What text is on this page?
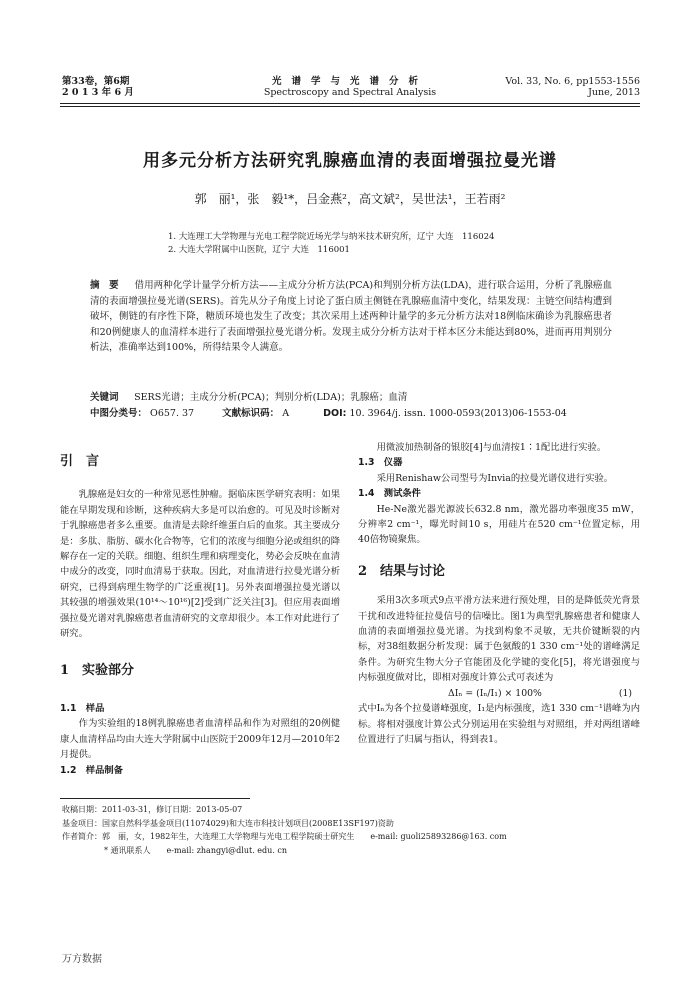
第33卷，第6期
2 0 1 3 年 6 月
光谱学与光谱分析
Spectroscopy and Spectral Analysis
Vol. 33, No. 6, pp1553-1556
June, 2013
用多元分析方法研究乳腺癌血清的表面增强拉曼光谱
郭　丽¹，张　毅¹*，吕金燕²，高文斌²，吴世法¹，王若雨²
1. 大连理工大学物理与光电工程学院近场光学与纳米技术研究所，辽宁 大连　116024
2. 大连大学附属中山医院，辽宁 大连　116001
摘　要 　 借用两种化学计量学分析方法——主成分分析方法(PCA)和判别分析方法(LDA)，进行联合运用，分析了乳腺癌血清的表面增强拉曼光谱(SERS)。首先从分子角度上讨论了蛋白质主侧链在乳腺癌血清中变化，结果发现：主链空间结构遭到破坏，侧链的有序性下降，糖质环境也发生了改变；其次采用上述两种计量学的多元分析方法对18例临床确诊为乳腺癌患者和20例健康人的血清样本进行了表面增强拉曼光谱分析。发现主成分分析方法对于样本区分未能达到80%，进而再用判别分析法，准确率达到100%，所得结果令人满意。
关键词 　 SERS光谱；主成分分析(PCA)；判别分析(LDA)；乳腺癌；血清
中图分类号： O657. 37	文献标识码： A	DOI: 10. 3964/j. issn. 1000-0593(2013)06-1553-04
引　言

乳腺癌是妇女的一种常见恶性肿瘤。据临床医学研究表明：如果能在早期发现和诊断，这种疾病大多是可以治愈的。可见及时诊断对于乳腺癌患者多么重要。血清是去除纤维蛋白后的血浆。其主要成分是：多肽、脂肪、碳水化合物等，它们的浓度与细胞分泌或组织的降解存在一定的关联。细胞、组织生理和病理变化，势必会反映在血清中成分的改变，同时血清易于获取。因此，对血清进行拉曼光谱分析研究，已得到病理生物学的广泛重视[1]。另外表面增强拉曼光谱以其较强的增强效果(10¹⁴～10¹⁶)[2]受到广泛关注[3]。但应用表面增强拉曼光谱对乳腺癌患者血清研究的文章却很少。本工作对此进行了研究。

1　实验部分
1.1　样品

作为实验组的18例乳腺癌患者血清样品和作为对照组的20例健康人血清样品均由大连大学附属中山医院于2009年12月—2010年2月提供。

1.2　样品制备

用微波加热制备的银胶[4]与血清按1∶1配比进行实验。

1.3　仪器

采用Renishaw公司型号为Invia的拉曼光谱仪进行实验。

1.4　测试条件

He-Ne激光器光源波长632.8 nm，激光器功率强度35 mW，分辨率2 cm⁻¹，曝光时间10 s，用硅片在520 cm⁻¹位置定标，用40倍物镜聚焦。

2　结果与讨论

采用3次多项式9点平滑方法来进行预处理，目的是降低荧光背景干扰和改进特征拉曼信号的信噪比。图1为典型乳腺癌患者和健康人血清的表面增强拉曼光谱。为找到构象不灵敏，无共价键断裂的内标，对38组数据分析发现：属于色氨酸的1 330 cm⁻¹处的谱峰满足条件。为研究生物大分子官能团及化学键的变化[5]，将光谱强度与内标强度做对比，即相对强度计算公式可表述为

ΔIₙ = (Iₙ/I₁) × 100%	(1)

式中Iₙ为各个拉曼谱峰强度，I₁是内标强度，选1 330 cm⁻¹谱峰为内标。将相对强度计算公式分别运用在实验组与对照组，并对两组谱峰位置进行了归属与指认，得到表1。

收稿日期：2011-03-31，修订日期：2013-05-07
基金项目：国家自然科学基金项目(11074029)和大连市科技计划项目(2008E13SF197)资助
作者简介：郭　丽，女，1982年生，大连理工大学物理与光电工程学院硕士研究生　　e-mail: guoli25893286@163. com
* 通讯联系人　　e-mail: zhangyi@dlut. edu. cn
万方数据
